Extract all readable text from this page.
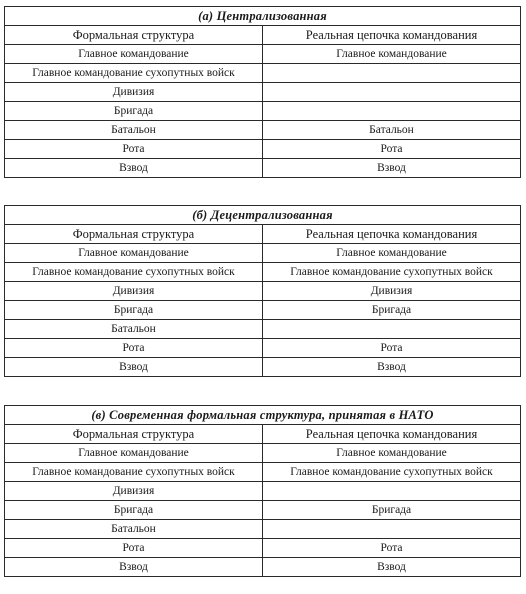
(а) Централизованная	
Формальная структура	Реальная цепочка командования
Главное командование	Главное командование
Главное командование сухопутных войск	
Дивизия	
Бригада	
Батальон	Батальон
Рота	Рота
Взвод	Взвод
(б) Децентрализованная	
Формальная структура	Реальная цепочка командования
Главное командование	Главное командование
Главное командование сухопутных войск	Главное командование сухопутных войск
Дивизия	Дивизия
Бригада	Бригада
Батальон	
Рота	Рота
Взвод	Взвод
(в) Современная формальная структура, принятая в НАТО	
Формальная структура	Реальная цепочка командования
Главное командование	Главное командование
Главное командование сухопутных войск	Главное командование сухопутных войск
Дивизия	
Бригада	Бригада
Батальон	
Рота	Рота
Взвод	Взвод
